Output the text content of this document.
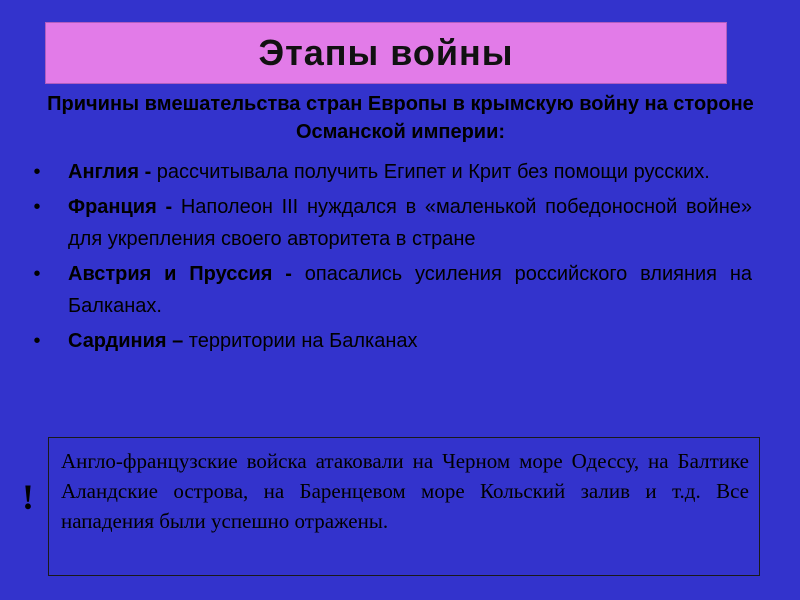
Этапы войны
Причины вмешательства стран Европы в крымскую войну на стороне Османской империи:
• Англия - рассчитывала получить Египет и Крит без помощи русских.
• Франция - Наполеон III нуждался в «маленькой победоносной войне» для укрепления своего авторитета в стране
• Австрия и Пруссия - опасались усиления российского влияния на Балканах.
• Сардиния – территории на Балканах
!
Англо-французские войска атаковали на Черном море Одессу, на Балтике Аландские острова, на Баренцевом море Кольский залив и т.д. Все нападения были успешно отражены.
